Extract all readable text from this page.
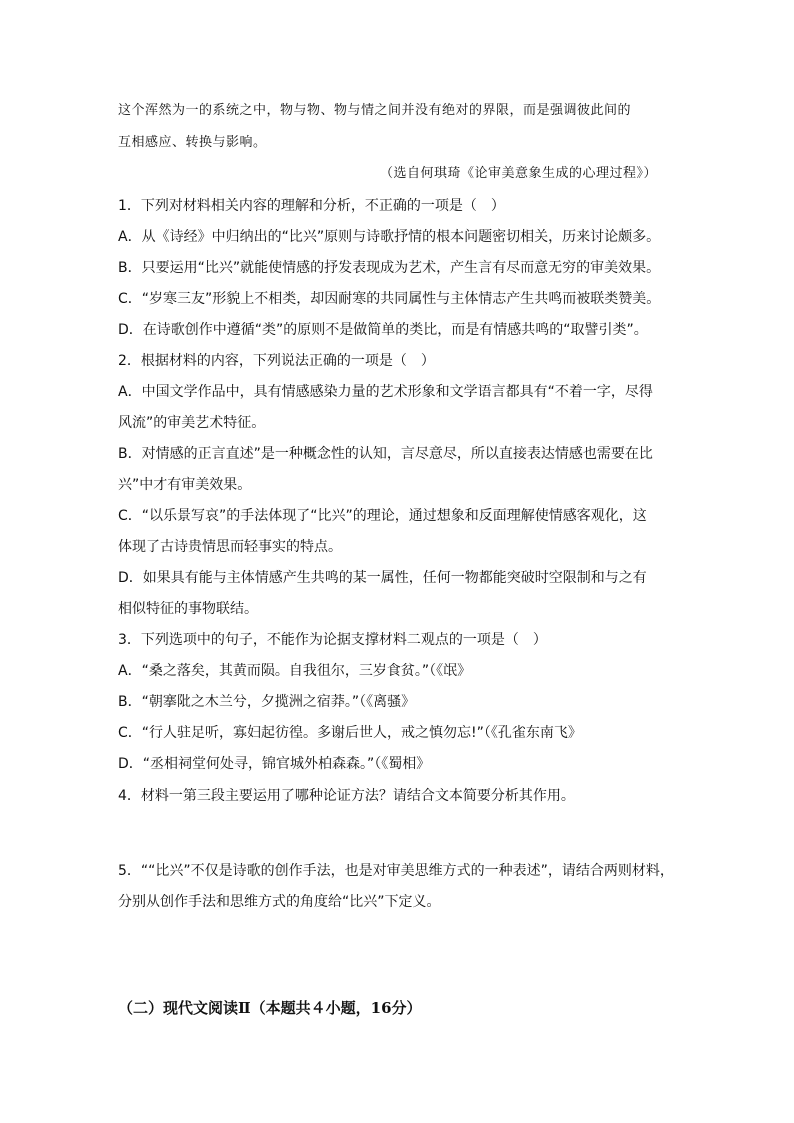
这个浑然为一的系统之中，物与物、物与情之间并没有绝对的界限，而是强调彼此间的
互相感应、转换与影响。
（选自何琪琦《论审美意象生成的心理过程》）
1．下列对材料相关内容的理解和分析，不正确的一项是（　）
A．从《诗经》中归纳出的“比兴”原则与诗歌抒情的根本问题密切相关，历来讨论颇多。
B．只要运用“比兴”就能使情感的抒发表现成为艺术，产生言有尽而意无穷的审美效果。
C．“岁寒三友”形貌上不相类，却因耐寒的共同属性与主体情志产生共鸣而被联类赞美。
D．在诗歌创作中遵循“类”的原则不是做简单的类比，而是有情感共鸣的“取譬引类”。
2．根据材料的内容，下列说法正确的一项是（　）
A．中国文学作品中，具有情感感染力量的艺术形象和文学语言都具有“不着一字，尽得
风流”的审美艺术特征。
B．对情感的正言直述”是一种概念性的认知，言尽意尽，所以直接表达情感也需要在比
兴”中才有审美效果。
C．“以乐景写哀”的手法体现了“比兴”的理论，通过想象和反面理解使情感客观化，这
体现了古诗贵情思而轻事实的特点。
D．如果具有能与主体情感产生共鸣的某一属性，任何一物都能突破时空限制和与之有
相似特征的事物联结。
3．下列选项中的句子，不能作为论据支撑材料二观点的一项是（　）
A．“桑之落矣，其黄而陨。自我徂尔，三岁食贫。”（《氓》
B．“朝搴阰之木兰兮，夕揽洲之宿莽。”（《离骚》
C．“行人驻足听，寡妇起彷徨。多谢后世人，戒之慎勿忘!”（《孔雀东南飞》
D．“丞相祠堂何处寻，锦官城外柏森森。”（《蜀相》
4．材料一第三段主要运用了哪种论证方法？请结合文本简要分析其作用。
5．““比兴”不仅是诗歌的创作手法，也是对审美思维方式的一种表述”，请结合两则材料，
分别从创作手法和思维方式的角度给“比兴”下定义。
（二）现代文阅读Ⅱ（本题共４小题，16分）
